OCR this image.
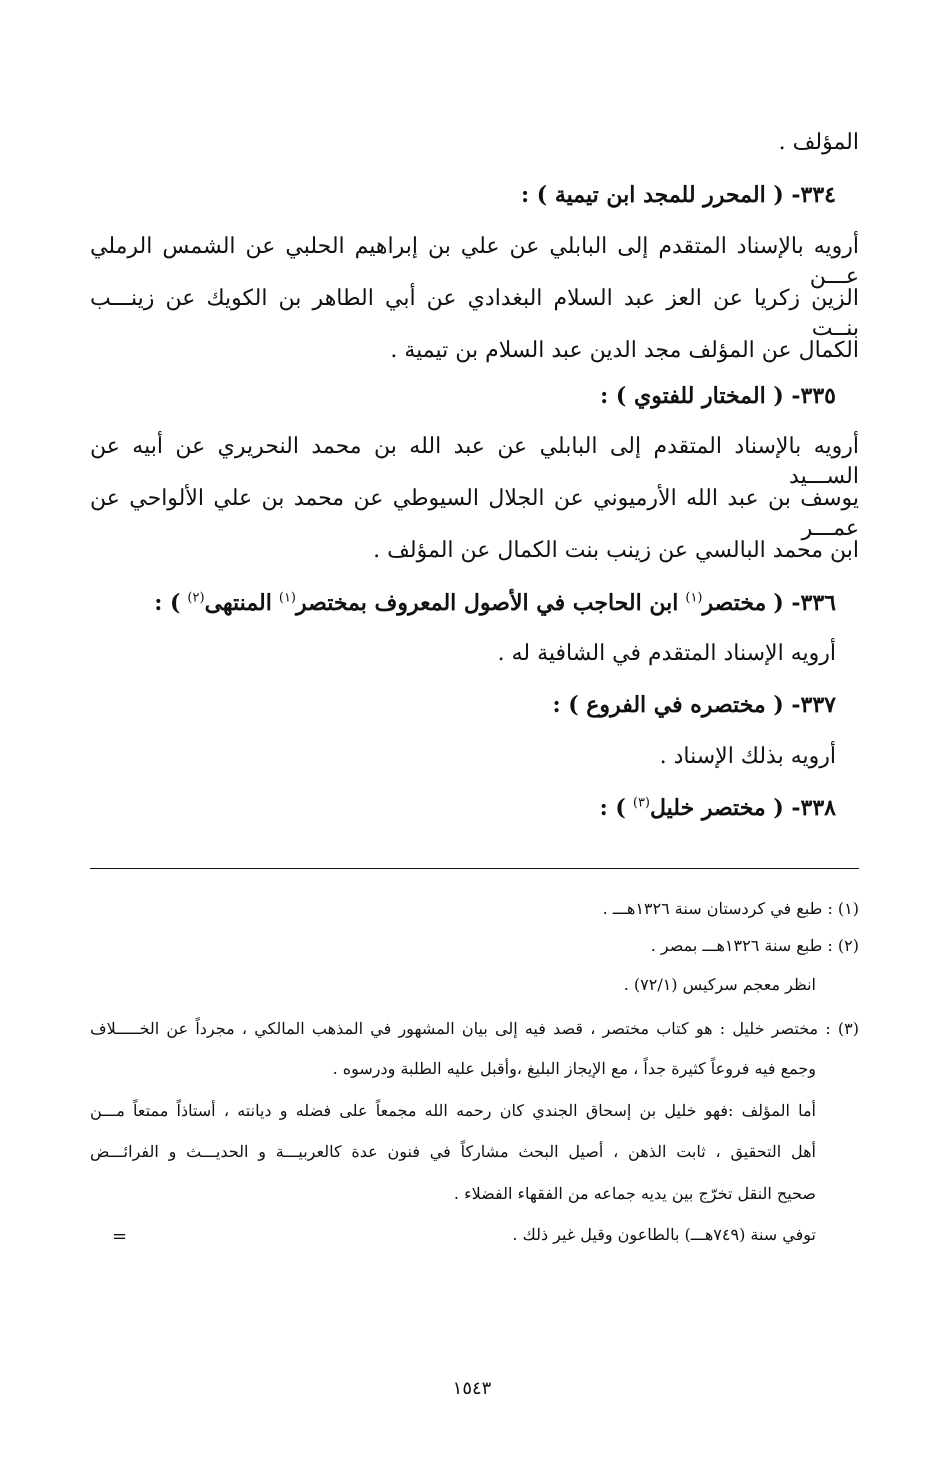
المؤلف .
٣٣٤- ( المحرر للمجد ابن تيمية ) :
أرويه بالإسناد المتقدم إلى البابلي عن علي بن إبراهيم الحلبي عن الشمس الرملي عـــن
الزين زكريا عن العز عبد السلام البغدادي عن أبي الطاهر بن الكويك عن زينـــب بنــت
الكمال عن المؤلف مجد الدين عبد السلام بن تيمية .
٣٣٥- ( المختار للفتوي ) :
أرويه بالإسناد المتقدم إلى البابلي عن عبد الله بن محمد النحريري عن أبيه عن الســـيد
يوسف بن عبد الله الأرميوني عن الجلال السيوطي عن محمد بن علي الألواحي عن عمـــر
ابن محمد البالسي عن زينب بنت الكمال عن المؤلف .
٣٣٦- ( مختصر$^{(١)}$ ابن الحاجب في الأصول المعروف بمختصر$^{(١)}$ المنتهى$^{(٢)}$ ) :
أرويه الإسناد المتقدم في الشافية له .
٣٣٧- ( مختصره في الفروع ) :
أرويه بذلك الإسناد .
٣٣٨- ( مختصر خليل$^{(٣)}$ ) :
(١) : طبع في كردستان سنة ١٣٢٦هـــ .
(٢) : طبع سنة ١٣٢٦هـــ بمصر .
انظر معجم سركيس (٧٢/١) .
(٣) : مختصر خليل : هو كتاب مختصر ، قصد فيه إلى بيان المشهور في المذهب المالكي ، مجرداً عن الخـــــلاف
وجمع فيه فروعاً كثيرة جداً ، مع الإيجاز البليغ ،وأقبل عليه الطلبة ودرسوه .
أما المؤلف :فهو خليل بن إسحاق الجندي كان رحمه الله مجمعاً على فضله و ديانته ، أستاذاً ممتعاً مـــن
أهل التحقيق ، ثابت الذهن ، أصيل البحث مشاركاً في فنون عدة كالعربيـــة و الحديـــث و الفرائـــض
صحيح النقل تخرّج بين يديه جماعه من الفقهاء الفضلاء .
توفي سنة (٧٤٩هـــ) بالطاعون وقيل غير ذلك .
=
١٥٤٣
